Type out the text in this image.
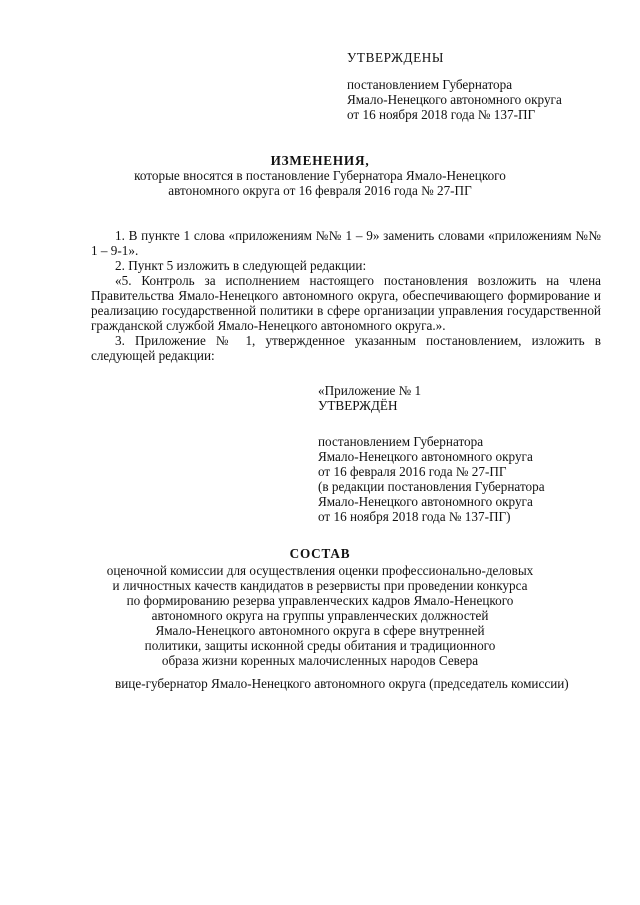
УТВЕРЖДЕНЫ
постановлением Губернатора
Ямало-Ненецкого автономного округа
от 16 ноября 2018 года № 137-ПГ
ИЗМЕНЕНИЯ,
которые вносятся в постановление Губернатора Ямало-Ненецкого
автономного округа от 16 февраля 2016 года № 27-ПГ

1. В пункте 1 слова «приложениям №№ 1 – 9» заменить словами «приложениям №№ 1 – 9-1».

2. Пункт 5 изложить в следующей редакции:

«5. Контроль за исполнением настоящего постановления возложить на члена Правительства Ямало-Ненецкого автономного округа, обеспечивающего формирование и реализацию государственной политики в сфере организации управления государственной гражданской службой Ямало-Ненецкого автономного округа.».

3. Приложение № 1, утвержденное указанным постановлением, изложить в следующей редакции:

«Приложение № 1
УТВЕРЖДЁН
постановлением Губернатора
Ямало-Ненецкого автономного округа
от 16 февраля 2016 года № 27-ПГ
(в редакции постановления Губернатора
Ямало-Ненецкого автономного округа
от 16 ноября 2018 года № 137-ПГ)
СОСТАВ
оценочной комиссии для осуществления оценки профессионально-деловых
и личностных качеств кандидатов в резервисты при проведении конкурса
по формированию резерва управленческих кадров Ямало-Ненецкого
автономного округа на группы управленческих должностей
Ямало-Ненецкого автономного округа в сфере внутренней
политики, защиты исконной среды обитания и традиционного
образа жизни коренных малочисленных народов Севера

вице-губернатор Ямало-Ненецкого автономного округа (председатель комиссии)
